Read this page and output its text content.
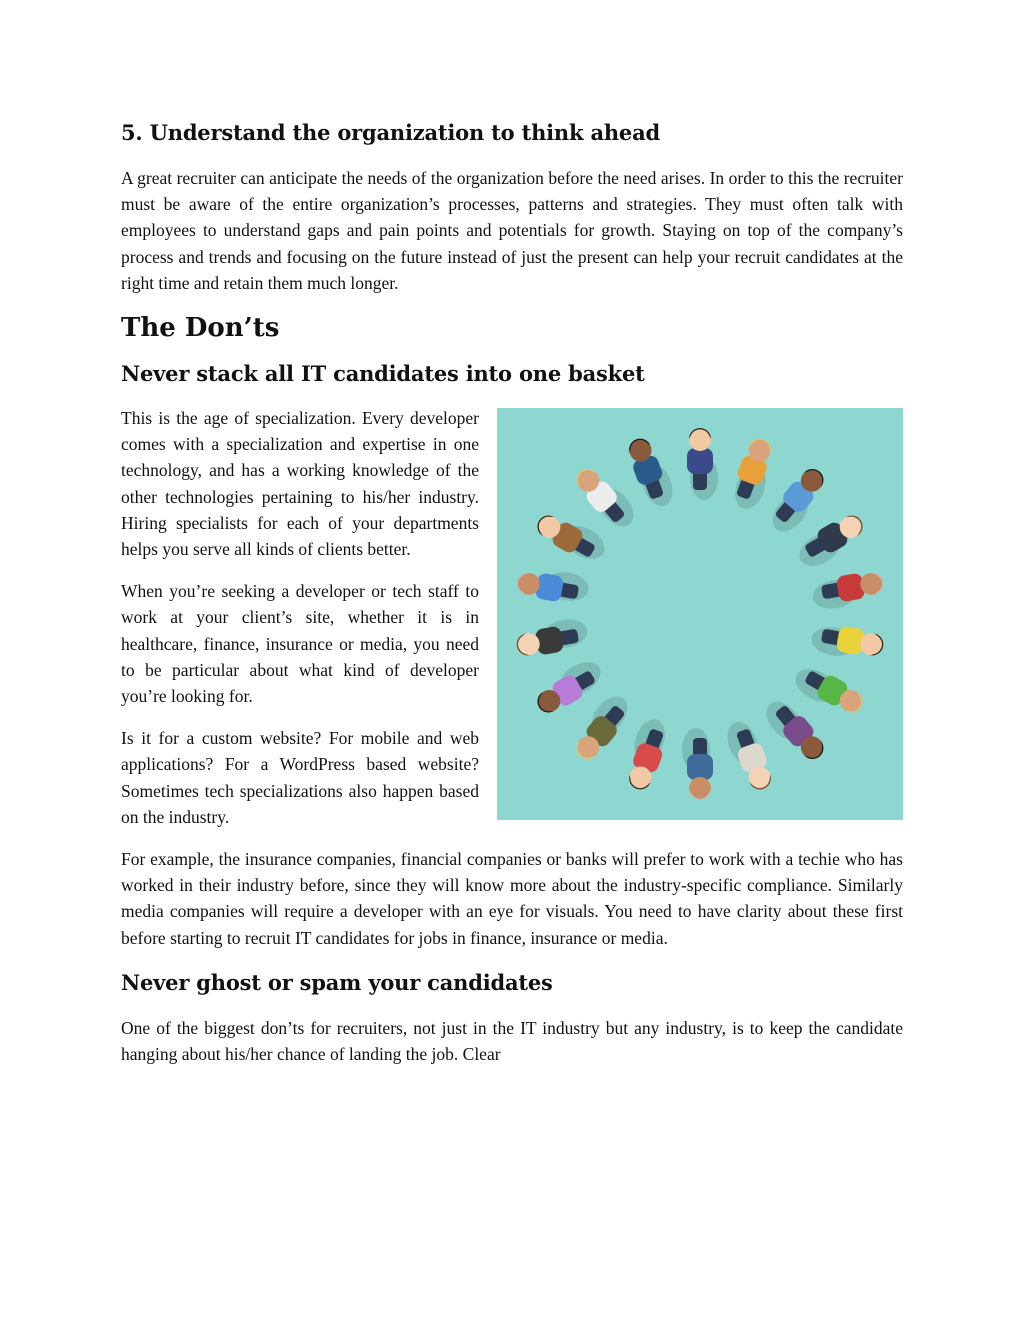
5. Understand the organization to think ahead

A great recruiter can anticipate the needs of the organization before the need arises. In order to this the recruiter must be aware of the entire organization’s processes, patterns and strategies. They must often talk with employees to understand gaps and pain points and potentials for growth. Staying on top of the company’s process and trends and focusing on the future instead of just the present can help your recruit candidates at the right time and retain them much longer.

The Don’ts
Never stack all IT candidates into one basket

This is the age of specialization. Every developer comes with a specialization and expertise in one technology, and has a working knowledge of the other technologies pertaining to his/her industry. Hiring specialists for each of your departments helps you serve all kinds of clients better.

When you’re seeking a developer or tech staff to work at your client’s site, whether it is in healthcare, finance, insurance or media, you need to be particular about what kind of developer you’re looking for.

Is it for a custom website? For mobile and web applications? For a WordPress based website? Sometimes tech specializations also happen based on the industry.

For example, the insurance companies, financial companies or banks will prefer to work with a techie who has worked in their industry before, since they will know more about the industry-specific compliance. Similarly media companies will require a developer with an eye for visuals. You need to have clarity about these first before starting to recruit IT candidates for jobs in finance, insurance or media.

Never ghost or spam your candidates

One of the biggest don’ts for recruiters, not just in the IT industry but any industry, is to keep the candidate hanging about his/her chance of landing the job. Clear
